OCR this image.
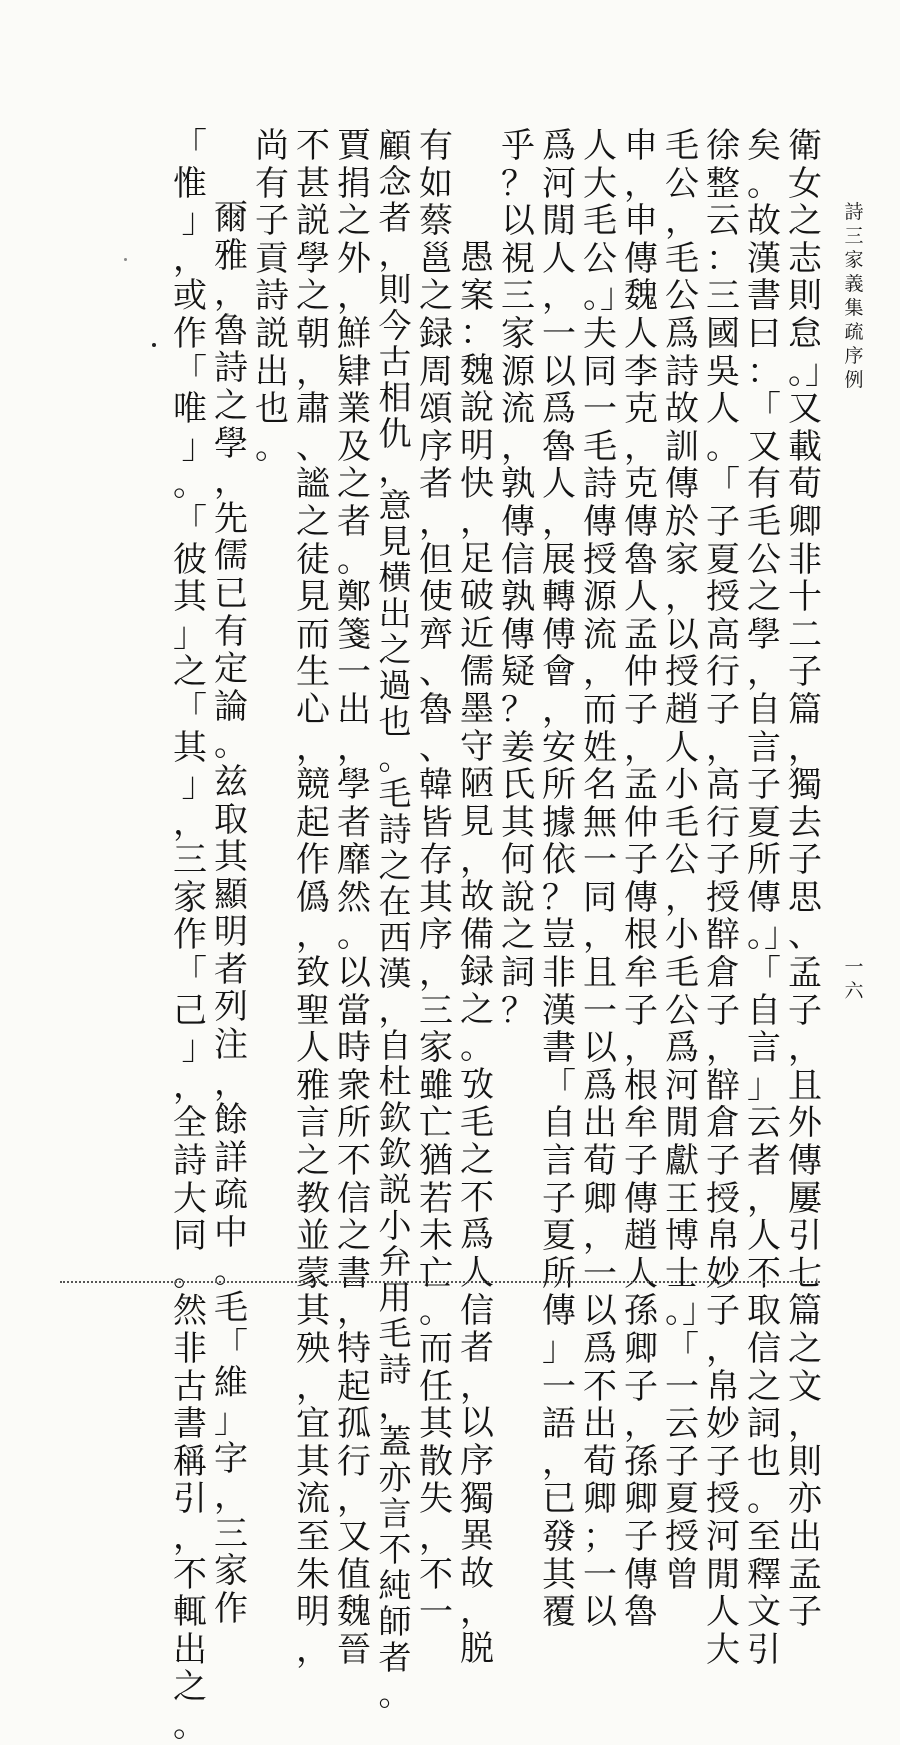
詩三家義集疏序例
一六
衛女之志則怠。」又載荀卿非十二子篇，獨去子思、孟子，且外傳屢引七篇之文，則亦出孟子
矣。故漢書曰：「又有毛公之學，自言子夏所傳。」「自言」云者，人不取信之詞也。至釋文引
徐整云：三國吳人。「子夏授高行子，高行子授辥倉子，辥倉子授帛妙子，帛妙子授河閒人大
毛公，毛公爲詩故訓傳於家，以授趙人小毛公，小毛公爲河閒獻王博士。」「一云子夏授曾
申，申傳魏人李克，克傳魯人孟仲子，孟仲子傳根牟子，根牟子傳趙人孫卿子，孫卿子傳魯
人大毛公。」夫同一毛詩傳授源流，而姓名無一同，且一以爲出荀卿，一以爲不出荀卿；一以
爲河閒人，一以爲魯人，展轉傅會，安所據依？豈非漢書「自言子夏所傳」一語，已發其覆
乎？以視三家源流，孰傳信孰傳疑？姜氏其何說之詞？
愚案：魏說明快，足破近儒墨守陋見，故備録之。攷毛之不爲人信者，以序獨異故，脱
有如蔡邕之録周頌序者，但使齊、魯、韓皆存其序，三家雖亡猶若未亡。而任其散失，不一
顧念者，則今古相仇，意見横出之過也。毛詩之在西漢，自杜欽欽説小弁用毛詩，蓋亦言不純師者。
賈捐之外，鮮肄業及之者。鄭箋一出，學者靡然。以當時衆所不信之書，特起孤行，又值魏晉
不甚説學之朝，肅、謐之徒見而生心，競起作僞，致聖人雅言之教並蒙其殃，宜其流至朱明，
尚有子貢詩説出也。
爾雅，魯詩之學，先儒已有定論。兹取其顯明者列注，餘詳疏中。毛「維」字，三家作
「惟」，或作「唯」。「彼其」之「其」，三家作「己」，全詩大同。然非古書稱引，不輒出之。
